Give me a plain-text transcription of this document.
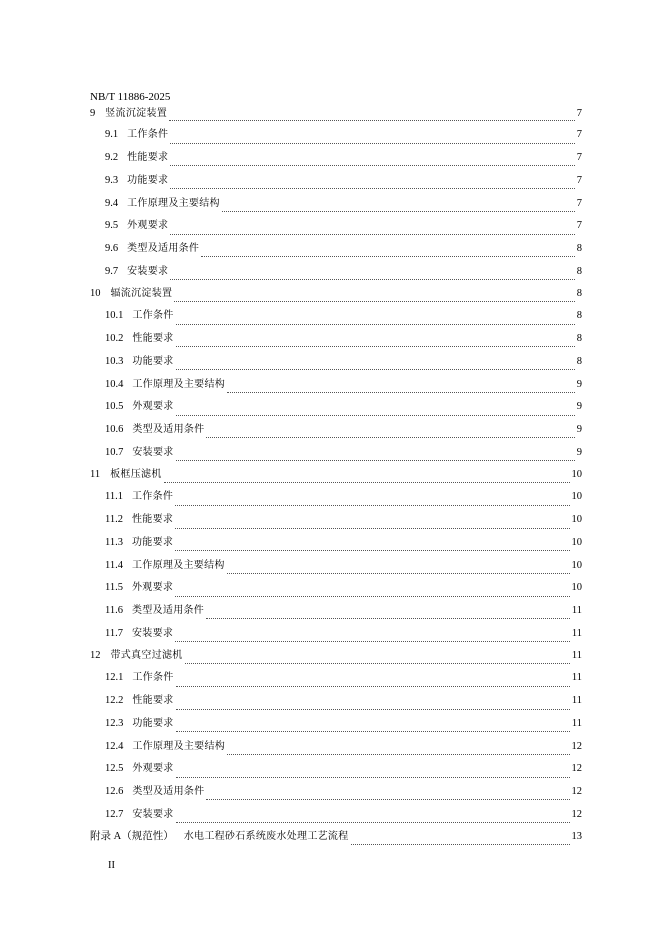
NB/T 11886-2025
9 竖流沉淀装置	7
9.1 工作条件	7
9.2 性能要求	7
9.3 功能要求	7
9.4 工作原理及主要结构	7
9.5 外观要求	7
9.6 类型及适用条件	8
9.7 安装要求	8
10 辐流沉淀装置	8
10.1 工作条件	8
10.2 性能要求	8
10.3 功能要求	8
10.4 工作原理及主要结构	9
10.5 外观要求	9
10.6 类型及适用条件	9
10.7 安装要求	9
11 板框压滤机	10
11.1 工作条件	10
11.2 性能要求	10
11.3 功能要求	10
11.4 工作原理及主要结构	10
11.5 外观要求	10
11.6 类型及适用条件	11
11.7 安装要求	11
12 带式真空过滤机	11
12.1 工作条件	11
12.2 性能要求	11
12.3 功能要求	11
12.4 工作原理及主要结构	12
12.5 外观要求	12
12.6 类型及适用条件	12
12.7 安装要求	12
附录 A（规范性） 水电工程砂石系统废水处理工艺流程	13
II
